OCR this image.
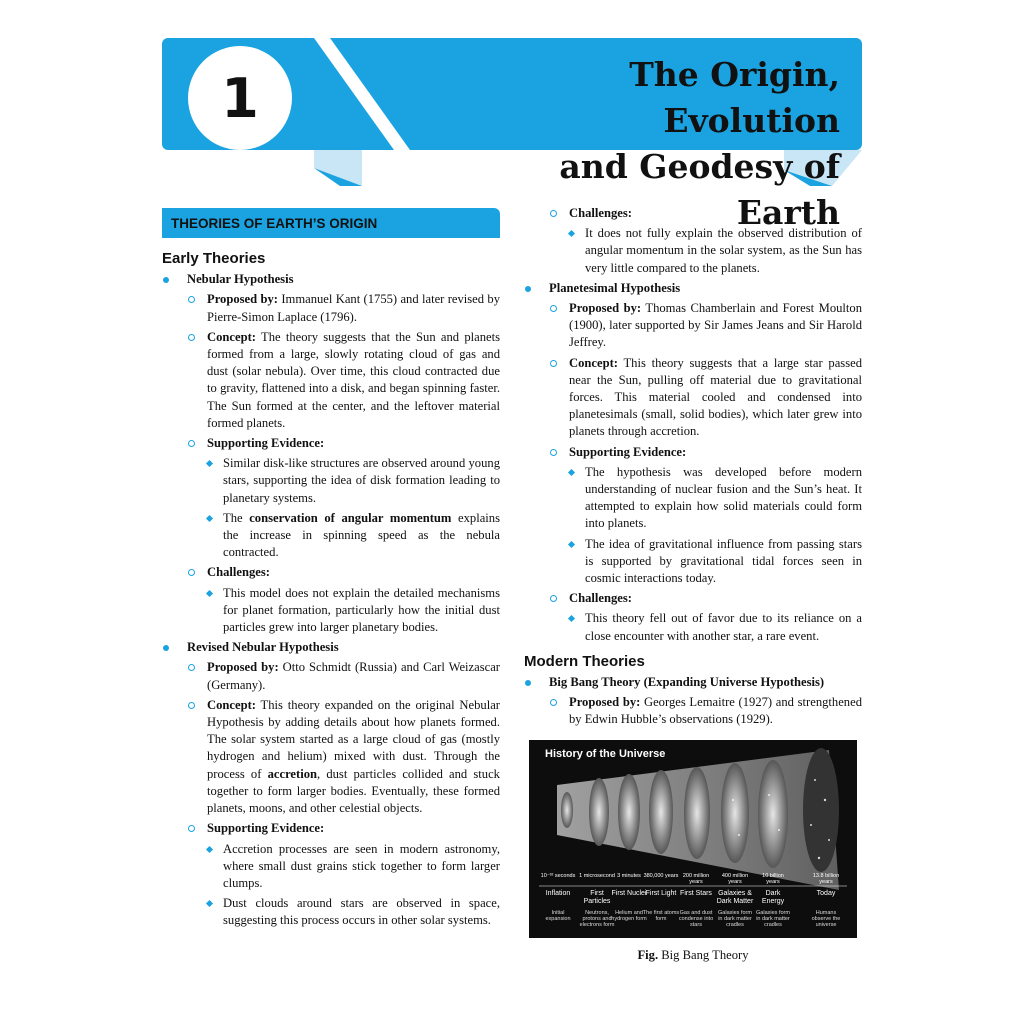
1	The Origin, Evolution
and Geodesy of Earth
THEORIES OF EARTH’S ORIGIN
Early Theories
Nebular Hypothesis
Proposed by: Immanuel Kant (1755) and later revised by Pierre-Simon Laplace (1796).
Concept: The theory suggests that the Sun and planets formed from a large, slowly rotating cloud of gas and dust (solar nebula). Over time, this cloud contracted due to gravity, flattened into a disk, and began spinning faster. The Sun formed at the center, and the leftover material formed planets.
Supporting Evidence:
Similar disk-like structures are observed around young stars, supporting the idea of disk formation leading to planetary systems.
The conservation of angular momentum explains the increase in spinning speed as the nebula contracted.
Challenges:
This model does not explain the detailed mechanisms for planet formation, particularly how the initial dust particles grew into larger planetary bodies.
Revised Nebular Hypothesis
Proposed by: Otto Schmidt (Russia) and Carl Weizascar (Germany).
Concept: This theory expanded on the original Nebular Hypothesis by adding details about how planets formed. The solar system started as a large cloud of gas (mostly hydrogen and helium) mixed with dust. Through the process of accretion, dust particles collided and stuck together to form larger bodies. Eventually, these formed planets, moons, and other celestial objects.
Supporting Evidence:
Accretion processes are seen in modern astronomy, where small dust grains stick together to form larger clumps.
Dust clouds around stars are observed in space, suggesting this process occurs in other solar systems.
Challenges:
It does not fully explain the observed distribution of angular momentum in the solar system, as the Sun has very little compared to the planets.
Planetesimal Hypothesis
Proposed by: Thomas Chamberlain and Forest Moulton (1900), later supported by Sir James Jeans and Sir Harold Jeffrey.
Concept: This theory suggests that a large star passed near the Sun, pulling off material due to gravitational forces. This material cooled and condensed into planetesimals (small, solid bodies), which later grew into planets through accretion.
Supporting Evidence:
The hypothesis was developed before modern understanding of nuclear fusion and the Sun’s heat. It attempted to explain how solid materials could form into planets.
The idea of gravitational influence from passing stars is supported by gravitational tidal forces seen in cosmic interactions today.
Challenges:
This theory fell out of favor due to its reliance on a close encounter with another star, a rare event.
Modern Theories
Big Bang Theory (Expanding Universe Hypothesis)
Proposed by: Georges Lemaitre (1927) and strengthened by Edwin Hubble’s observations (1929).
History of the Universe
10⁻³² seconds
Inflation
Initial expansion
1 microsecond
First Particles
Neutrons, protons and electrons form
3 minutes
First Nuclei
Helium and hydrogen form
380,000 years
First Light
The first atoms form
200 million years
First Stars
Gas and dust condense into stars
400 million years
Galaxies & Dark Matter
Galaxies form in dark matter cradles
10 billion years
Dark Energy
Galaxies form in dark matter cradles
13.8 billion years
Today
Humans observe the universe
Fig. Big Bang Theory
